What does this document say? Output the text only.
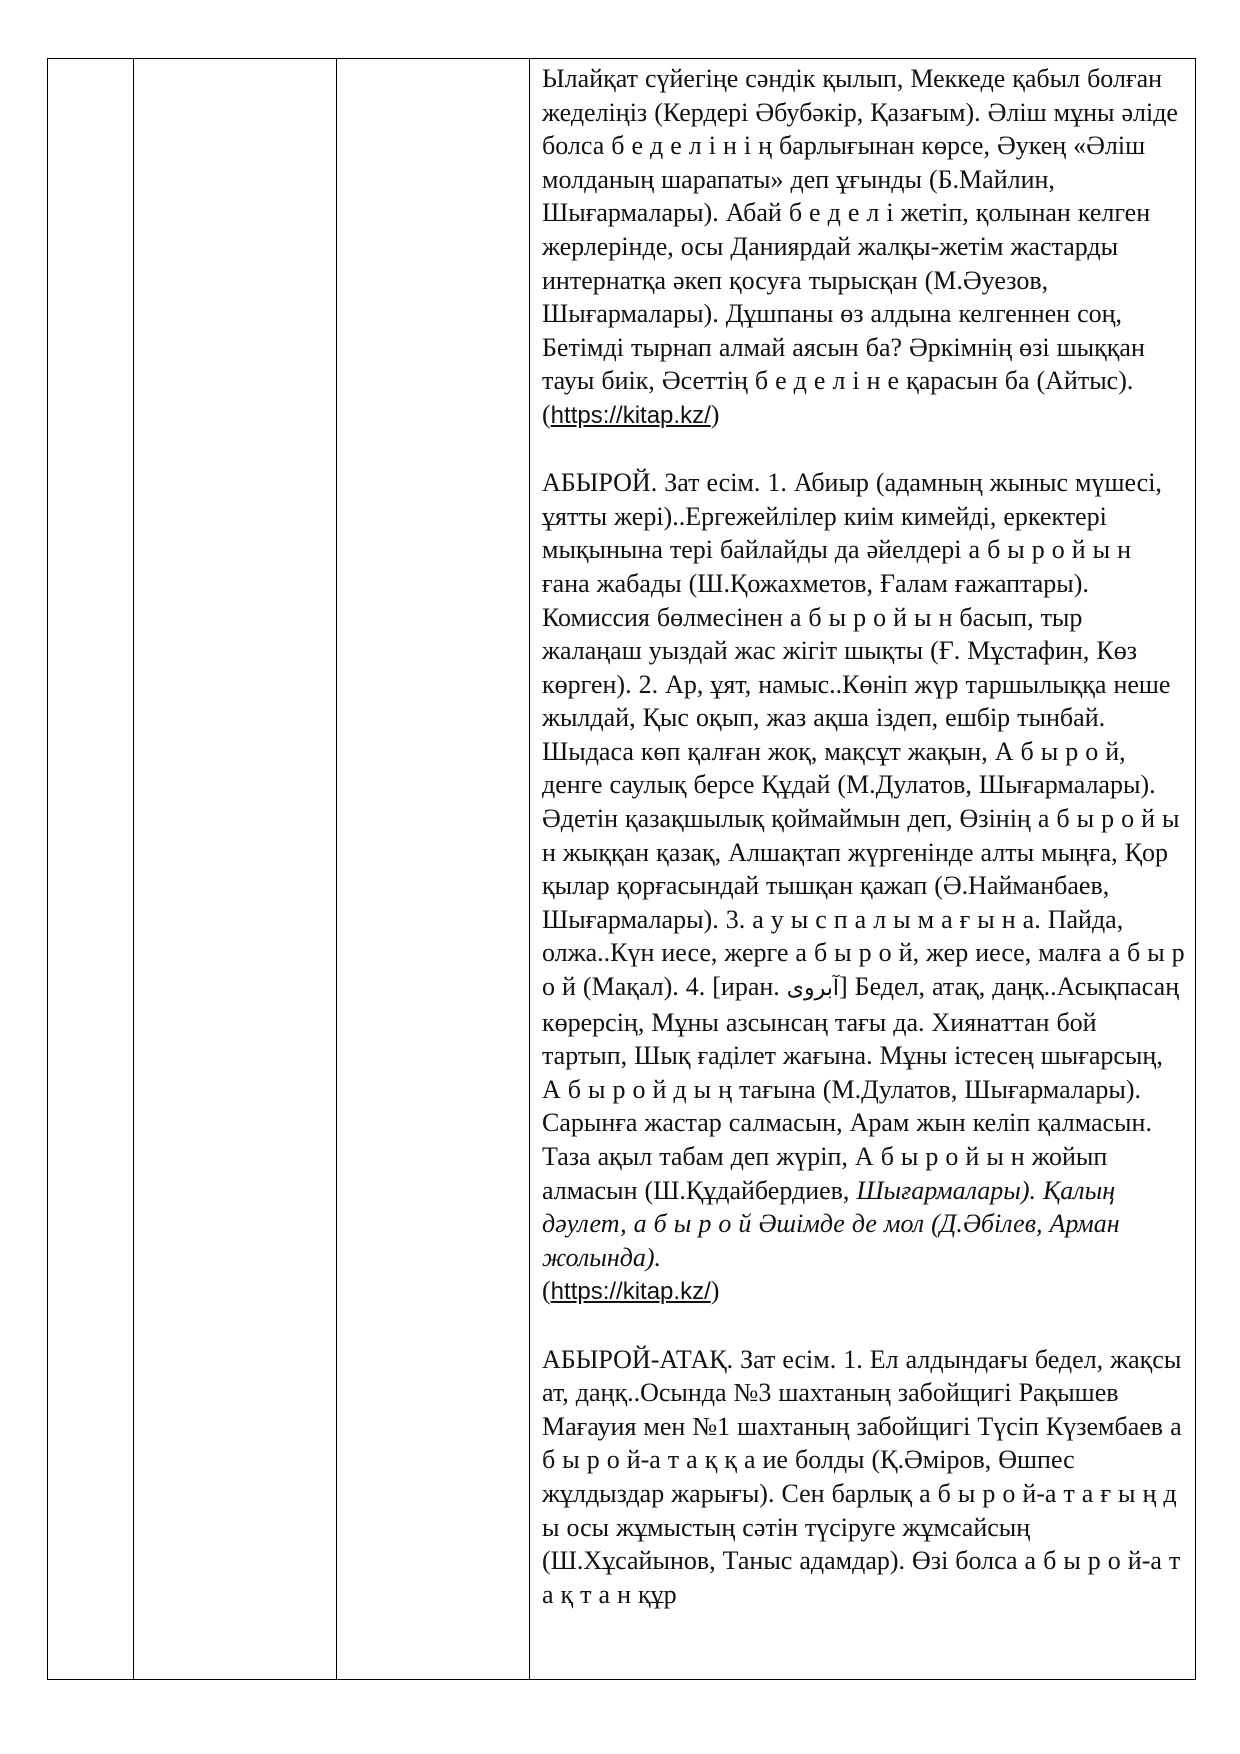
Ылайқат сүйегіңе сәндік қылып, Меккеде қабыл болған жеделіңіз (Кердері Әбубәкір, Қазағым). Әліш мұны әліде болса б е д е л і н і ң барлығынан көрсе, Әукең «Әліш молданың шарапаты» деп ұғынды (Б.Майлин, Шығармалары). Абай б е д е л і жетіп, қолынан келген жерлерінде, осы Даниярдай жалқы-жетім жастарды интернатқа әкеп қосуға тырысқан (М.Әуезов, Шығармалары). Дұшпаны өз алдына келгеннен соң, Бетімді тырнап алмай аясын ба? Әркімнің өзі шыққан тауы биік, Әсеттің б е д е л і н е қарасын ба (Айтыс).  (https://kitap.kz/)

АБЫРОЙ. Зат есім. 1. Абиыр (адамның жыныс мүшесі, ұятты жері)..Ергежейлілер киім кимейді, еркектері мықынына тері байлайды да әйелдері а б ы р о й ы н ғана жабады (Ш.Қожахметов, Ғалам ғажаптары). Комиссия бөлмесінен а б ы р о й ы н басып, тыр жалаңаш уыздай жас жігіт шықты (Ғ. Мұстафин, Көз көрген). 2. Ар, ұят, намыс..Көніп жүр таршылыққа неше жылдай, Қыс оқып, жаз ақша іздеп, ешбір тынбай. Шыдаса көп қалған жоқ, мақсұт жақын, А б ы р о й, денге саулық берсе Құдай (М.Дулатов, Шығармалары). Әдетін қазақшылық қоймаймын деп, Өзінің а б ы р о й ы н жыққан қазақ, Алшақтап жүргенінде алты мыңға, Қор қылар қорғасындай тышқан қажап (Ә.Найманбаев, Шығармалары). 3. а у ы с п а л ы м а ғ ы н а. Пайда, олжа..Күн иесе, жерге а б ы р о й, жер иесе, малға а б ы р о й (Мақал). 4. [иран. آبروی] Бедел, атақ, даңқ..Асықпасаң көрерсің, Мұны азсынсаң тағы да. Хиянаттан бой тартып, Шық ғаділет жағына. Мұны істесең шығарсың, А б ы р о й д ы ң тағына (М.Дулатов, Шығармалары). Сарынға жастар салмасын, Арам жын келіп қалмасын. Таза ақыл табам деп жүріп, А б ы р о й ы н жойып алмасын (Ш.Құдайбердиев, Шығармалары). Қалың дәулет, а б ы р о й Әшімде де мол (Д.Әбілев, Арман жолында).
(https://kitap.kz/)

АБЫРОЙ-АТАҚ. Зат есім. 1. Ел алдындағы бедел, жақсы ат, даңқ..Осында №3 шахтаның забойщигі Рақышев Мағауия мен №1 шахтаның забойщигі Түсіп Күзембаев а б ы р о й-а т а қ қ а ие болды (Қ.Әміров, Өшпес жұлдыздар жарығы). Сен барлық а б ы р о й-а т а ғ ы ң д ы осы жұмыстың сәтін түсіруге жұмсайсың (Ш.Хұсайынов, Таныс адамдар). Өзі болса а б ы р о й-а т а қ т а н құр
